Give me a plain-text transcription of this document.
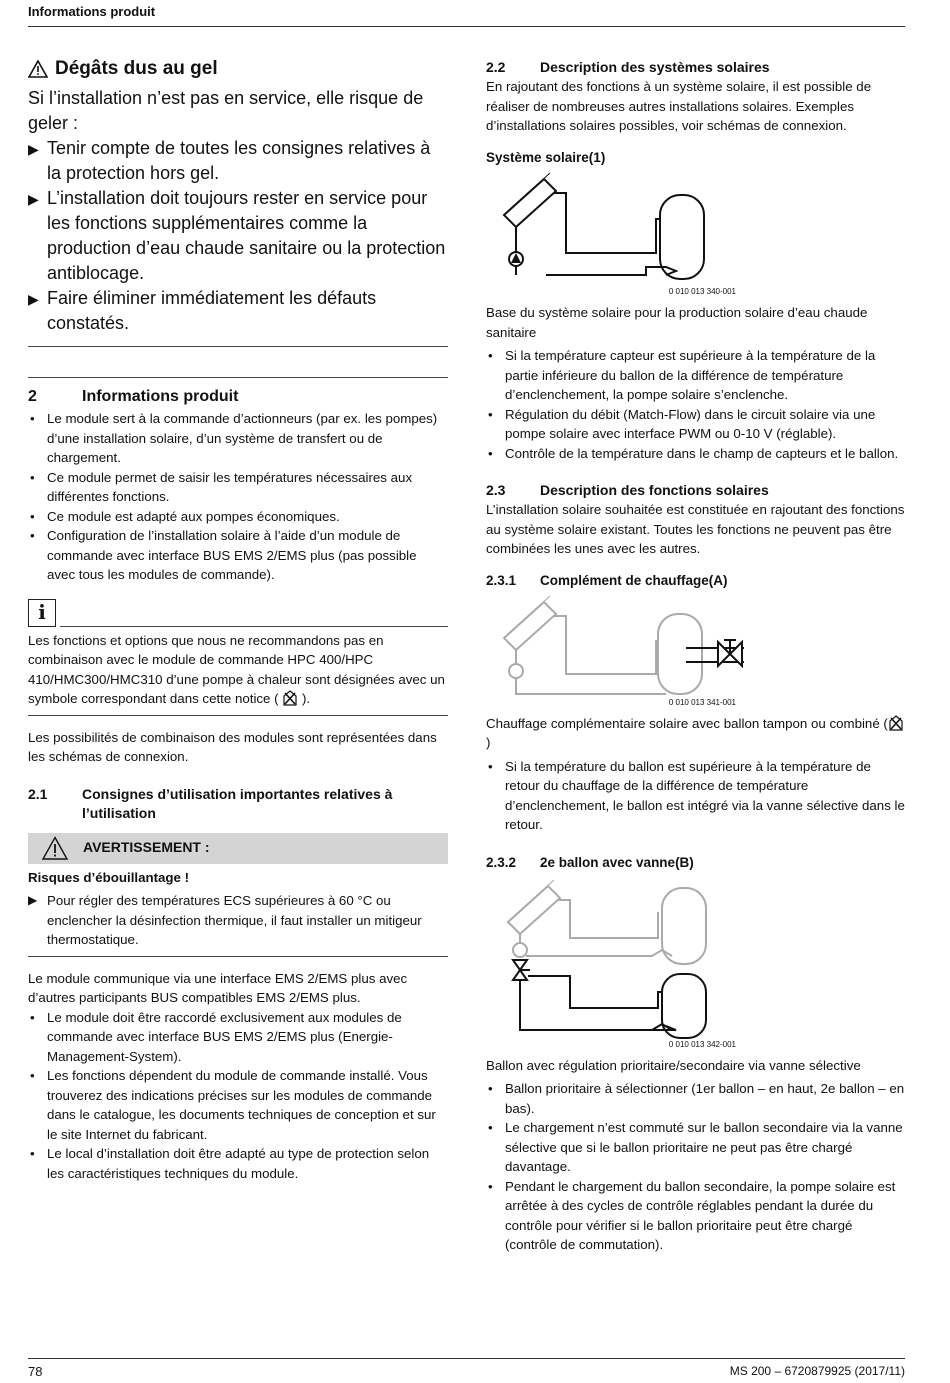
Informations produit
Dégâts dus au gel

Si l’installation n’est pas en service, elle risque de geler :

▶ Tenir compte de toutes les consignes relatives à la protection hors gel.
▶ L’installation doit toujours rester en service pour les fonctions supplémentaires comme la production d’eau chaude sanitaire ou la protection antiblocage.
▶ Faire éliminer immédiatement les défauts constatés.
2	Informations produit
• Le module sert à la commande d’actionneurs (par ex. les pompes) d’une installation solaire, d’un système de transfert ou de chargement.
• Ce module permet de saisir les températures nécessaires aux différentes fonctions.
• Ce module est adapté aux pompes économiques.
• Configuration de l’installation solaire à l’aide d’un module de commande avec interface BUS EMS 2/EMS plus (pas possible avec tous les modules de commande).
i
Les fonctions et options que nous ne recommandons pas en combinaison avec le module de commande HPC 400/HPC 410/HMC300/HMC310 d’une pompe à chaleur sont désignées avec un symbole correspondant dans cette notice ( ).

Les possibilités de combinaison des modules sont représentées dans les schémas de connexion.

2.1	Consignes d’utilisation importantes relatives à l’utilisation
AVERTISSEMENT :

Risques d’ébouillantage !

▶ Pour régler des températures ECS supérieures à 60 °C ou enclencher la désinfection thermique, il faut installer un mitigeur thermostatique.

Le module communique via une interface EMS 2/EMS plus avec d’autres participants BUS compatibles EMS 2/EMS plus.

• Le module doit être raccordé exclusivement aux modules de commande avec interface BUS EMS 2/EMS plus (Energie-Management-System).
• Les fonctions dépendent du module de commande installé. Vous trouverez des indications précises sur les modules de commande dans le catalogue, les documents techniques de conception et sur le site Internet du fabricant.
• Le local d’installation doit être adapté au type de protection selon les caractéristiques techniques du module.
2.2	Description des systèmes solaires

En rajoutant des fonctions à un système solaire, il est possible de réaliser de nombreuses autres installations solaires. Exemples d’installations solaires possibles, voir schémas de connexion.

Système solaire(1)

0 010 013 340-001

Base du système solaire pour la production solaire d’eau chaude sanitaire

• Si la température capteur est supérieure à la température de la partie inférieure du ballon de la différence de température d’enclenchement, la pompe solaire s’enclenche.
• Régulation du débit (Match-Flow) dans le circuit solaire via une pompe solaire avec interface PWM ou 0-10 V (réglable).
• Contrôle de la température dans le champ de capteurs et le ballon.
2.3	Description des fonctions solaires

L’installation solaire souhaitée est constituée en rajoutant des fonctions au système solaire existant. Toutes les fonctions ne peuvent pas être combinées les unes avec les autres.

2.3.1	Complément de chauffage(A)
0 010 013 341-001

Chauffage complémentaire solaire avec ballon tampon ou combiné ()

• Si la température du ballon est supérieure à la température de retour du chauffage de la différence de température d’enclenchement, le ballon est intégré via la vanne sélective dans le retour.
2.3.2	2e ballon avec vanne(B)
0 010 013 342-001

Ballon avec régulation prioritaire/secondaire via vanne sélective

• Ballon prioritaire à sélectionner (1er ballon – en haut, 2e ballon – en bas).
• Le chargement n’est commuté sur le ballon secondaire via la vanne sélective que si le ballon prioritaire ne peut pas être chargé davantage.
• Pendant le chargement du ballon secondaire, la pompe solaire est arrêtée à des cycles de contrôle réglables pendant la durée du contrôle pour vérifier si le ballon prioritaire peut être chargé (contrôle de commutation).
78	MS 200 – 6720879925 (2017/11)
